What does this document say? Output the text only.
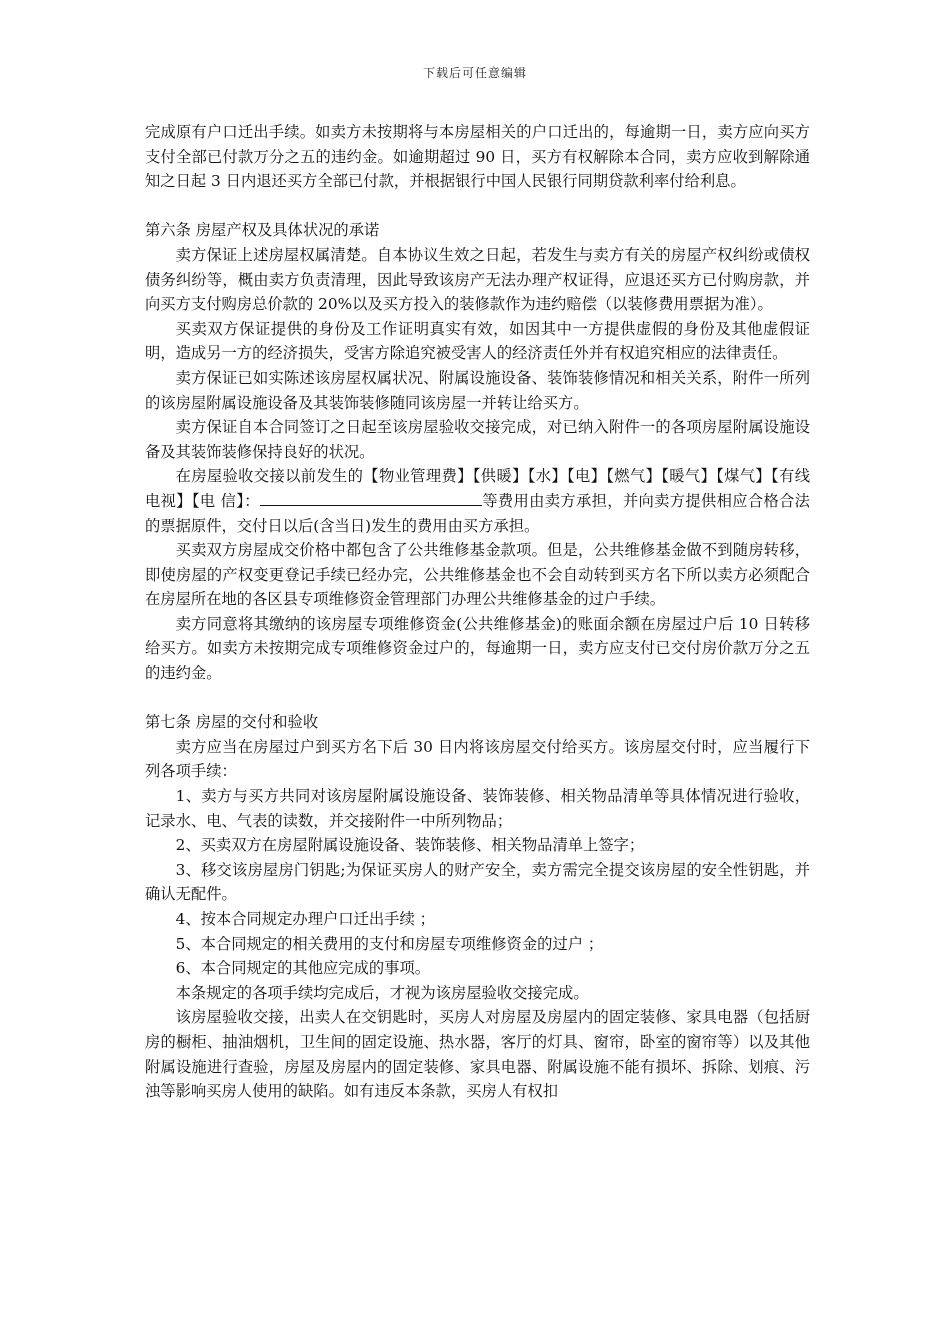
下载后可任意编辑

完成原有户口迁出手续。如卖方未按期将与本房屋相关的户口迁出的，每逾期一日，卖方应向买方支付全部已付款万分之五的违约金。如逾期超过 90 日，买方有权解除本合同，卖方应收到解除通知之日起 3 日内退还买方全部已付款，并根据银行中国人民银行同期贷款利率付给利息。

第六条 房屋产权及具体状况的承诺

卖方保证上述房屋权属清楚。自本协议生效之日起，若发生与卖方有关的房屋产权纠纷或债权债务纠纷等，概由卖方负责清理，因此导致该房产无法办理产权证得，应退还买方已付购房款，并向买方支付购房总价款的 20%以及买方投入的装修款作为违约赔偿（以装修费用票据为准）。

买卖双方保证提供的身份及工作证明真实有效，如因其中一方提供虚假的身份及其他虚假证明，造成另一方的经济损失，受害方除追究被受害人的经济责任外并有权追究相应的法律责任。

卖方保证已如实陈述该房屋权属状况、附属设施设备、装饰装修情况和相关关系，附件一所列的该房屋附属设施设备及其装饰装修随同该房屋一并转让给买方。

卖方保证自本合同签订之日起至该房屋验收交接完成，对已纳入附件一的各项房屋附属设施设备及其装饰装修保持良好的状况。

在房屋验收交接以前发生的【物业管理费】【供暖】【水】【电】【燃气】【暖气】【煤气】【有线电视】【电 信】：	等费用由卖方承担，并向卖方提供相应合格合法的票据原件，交付日以后(含当日)发生的费用由买方承担。

买卖双方房屋成交价格中都包含了公共维修基金款项。但是，公共维修基金做不到随房转移，即使房屋的产权变更登记手续已经办完，公共维修基金也不会自动转到买方名下所以卖方必须配合在房屋所在地的各区县专项维修资金管理部门办理公共维修基金的过户手续。

卖方同意将其缴纳的该房屋专项维修资金(公共维修基金)的账面余额在房屋过户后 10 日转移给买方。如卖方未按期完成专项维修资金过户的，每逾期一日，卖方应支付已交付房价款万分之五的违约金。

第七条 房屋的交付和验收

卖方应当在房屋过户到买方名下后 30 日内将该房屋交付给买方。该房屋交付时，应当履行下列各项手续：

1、卖方与买方共同对该房屋附属设施设备、装饰装修、相关物品清单等具体情况进行验收，记录水、电、气表的读数，并交接附件一中所列物品；

2、买卖双方在房屋附属设施设备、装饰装修、相关物品清单上签字；

3、移交该房屋房门钥匙;为保证买房人的财产安全，卖方需完全提交该房屋的安全性钥匙，并确认无配件。

4、按本合同规定办理户口迁出手续 ；

5、本合同规定的相关费用的支付和房屋专项维修资金的过户 ；

6、本合同规定的其他应完成的事项。

本条规定的各项手续均完成后，才视为该房屋验收交接完成。

该房屋验收交接，出卖人在交钥匙时，买房人对房屋及房屋内的固定装修、家具电器（包括厨房的橱柜、抽油烟机，卫生间的固定设施、热水器，客厅的灯具、窗帘，卧室的窗帘等）以及其他附属设施进行查验，房屋及房屋内的固定装修、家具电器、附属设施不能有损坏、拆除、划痕、污浊等影响买房人使用的缺陷。如有违反本条款，买房人有权扣
